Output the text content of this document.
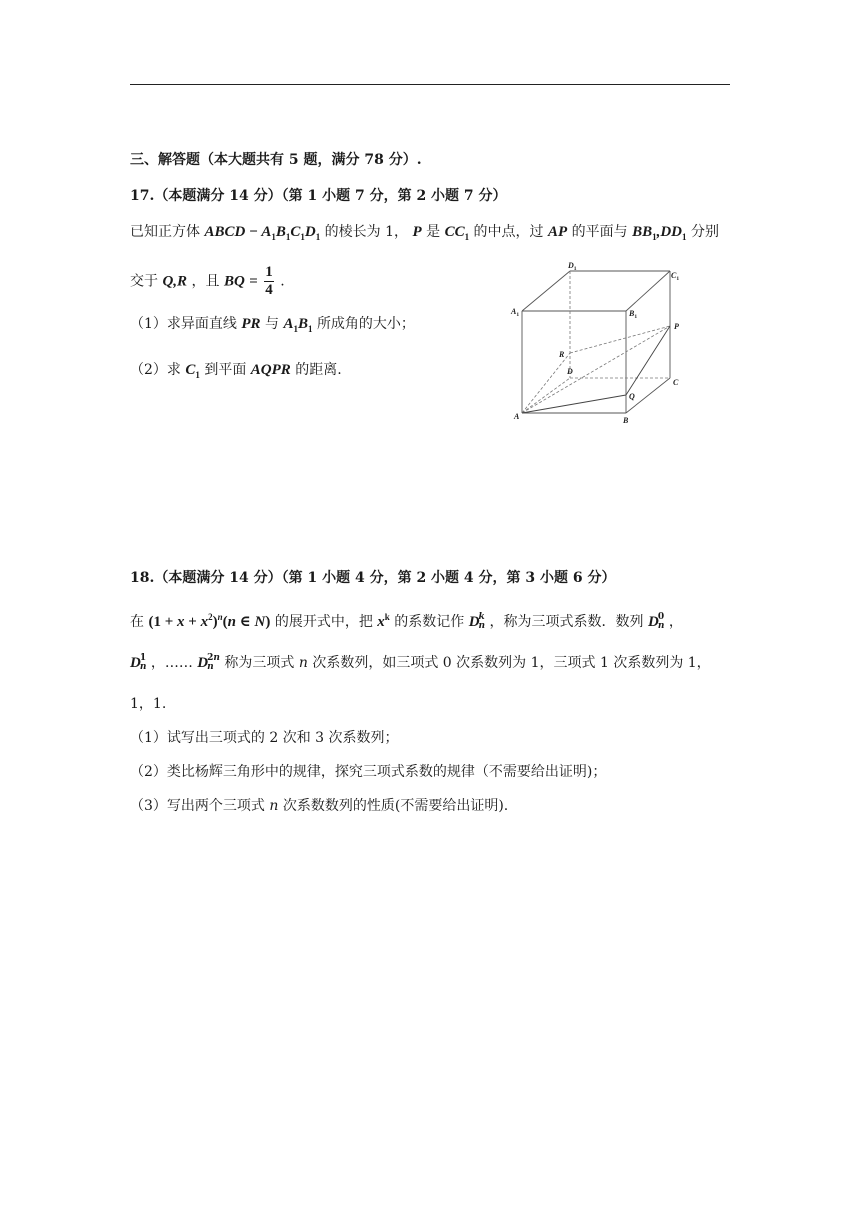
三、解答题（本大题共有 5 题，满分 78 分）.
17.（本题满分 14 分）（第 1 小题 7 分，第 2 小题 7 分）
已知正方体 ABCD − $A_1B_1C_1D_1$ 的棱长为 1， P 是 $CC_1$ 的中点，过 AP 的平面与 $BB_1,DD_1$ 分别
交于 Q,R ，且 BQ = $\frac{1}{4}$ .
（1）求异面直线 PR 与 $A_1B_1$ 所成角的大小；
（2）求 $C_1$ 到平面 AQPR 的距离.
$D_1$
$C_1$
$A_1$	$B_1$
P
R
D
C
Q
A	B
18.（本题满分 14 分）（第 1 小题 4 分，第 2 小题 4 分，第 3 小题 6 分）
在 $(1 + x + x^2)^n(n$ ∈ N) 的展开式中，把 $x^k$ 的系数记作 D k
n ，称为三项式系数．数列 D 0
n ，
D 1
n ，…… D 2n
n 称为三项式 n 次系数列，如三项式 0 次系数列为 1，三项式 1 次系数列为 1，
1，1.
（1）试写出三项式的 2 次和 3 次系数列；
（2）类比杨辉三角形中的规律，探究三项式系数的规律（不需要给出证明)；
（3）写出两个三项式 n 次系数数列的性质(不需要给出证明).
